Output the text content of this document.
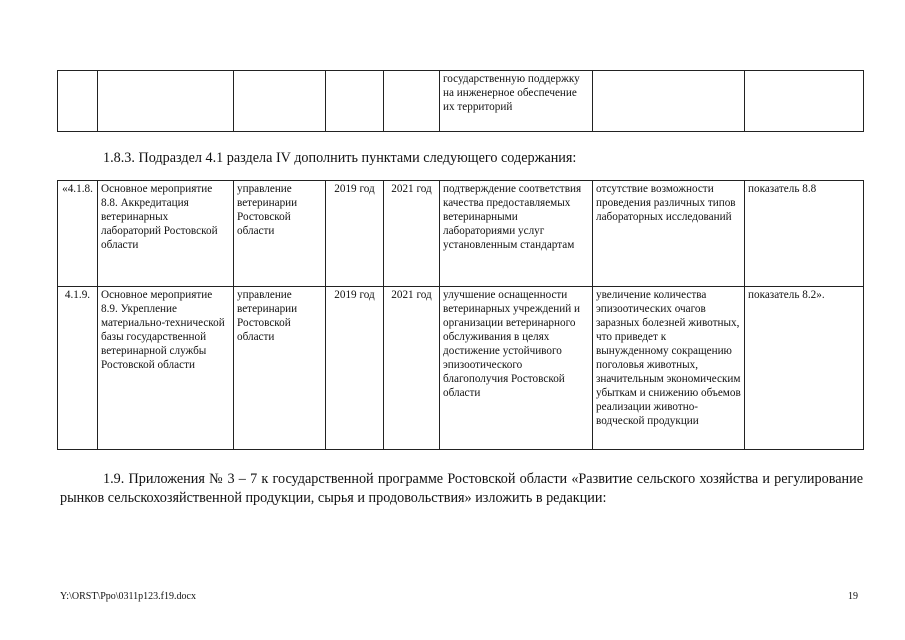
					государственную поддержку на инженерное обеспечение их территорий		

1.8.3. Подраздел 4.1 раздела IV дополнить пунктами следующего содержания:

«4.1.8.	Основное мероприятие 8.8. Аккредитация ветеринарных лабораторий Ростовской области	управление ветеринарии Ростовской области	2019 год	2021 год	подтверждение соответствия качества предоставляемых ветеринарными лабораториями услуг установленным стандартам	отсутствие возможности проведения различных типов лабораторных исследований	показатель 8.8
4.1.9.	Основное мероприятие 8.9. Укрепление материально-технической базы государственной ветеринарной службы Ростовской области	управление ветеринарии Ростовской области	2019 год	2021 год	улучшение оснащенности ветеринарных учреждений и организации ветеринарного обслуживания в целях достижение устойчивого эпизоотического благополучия Ростовской области	увеличение количества эпизоотических очагов заразных болезней животных, что приведет к вынужденному сокращению поголовья животных, значительным экономическим убыткам и снижению объемов реализации животно-водческой продукции	показатель 8.2».

1.9. Приложения № 3 – 7 к государственной программе Ростовской области «Развитие сельского хозяйства и регулирование рынков сельскохозяйственной продукции, сырья и продовольствия» изложить в редакции:

Y:\ORST\Ppo\0311p123.f19.docx	19
